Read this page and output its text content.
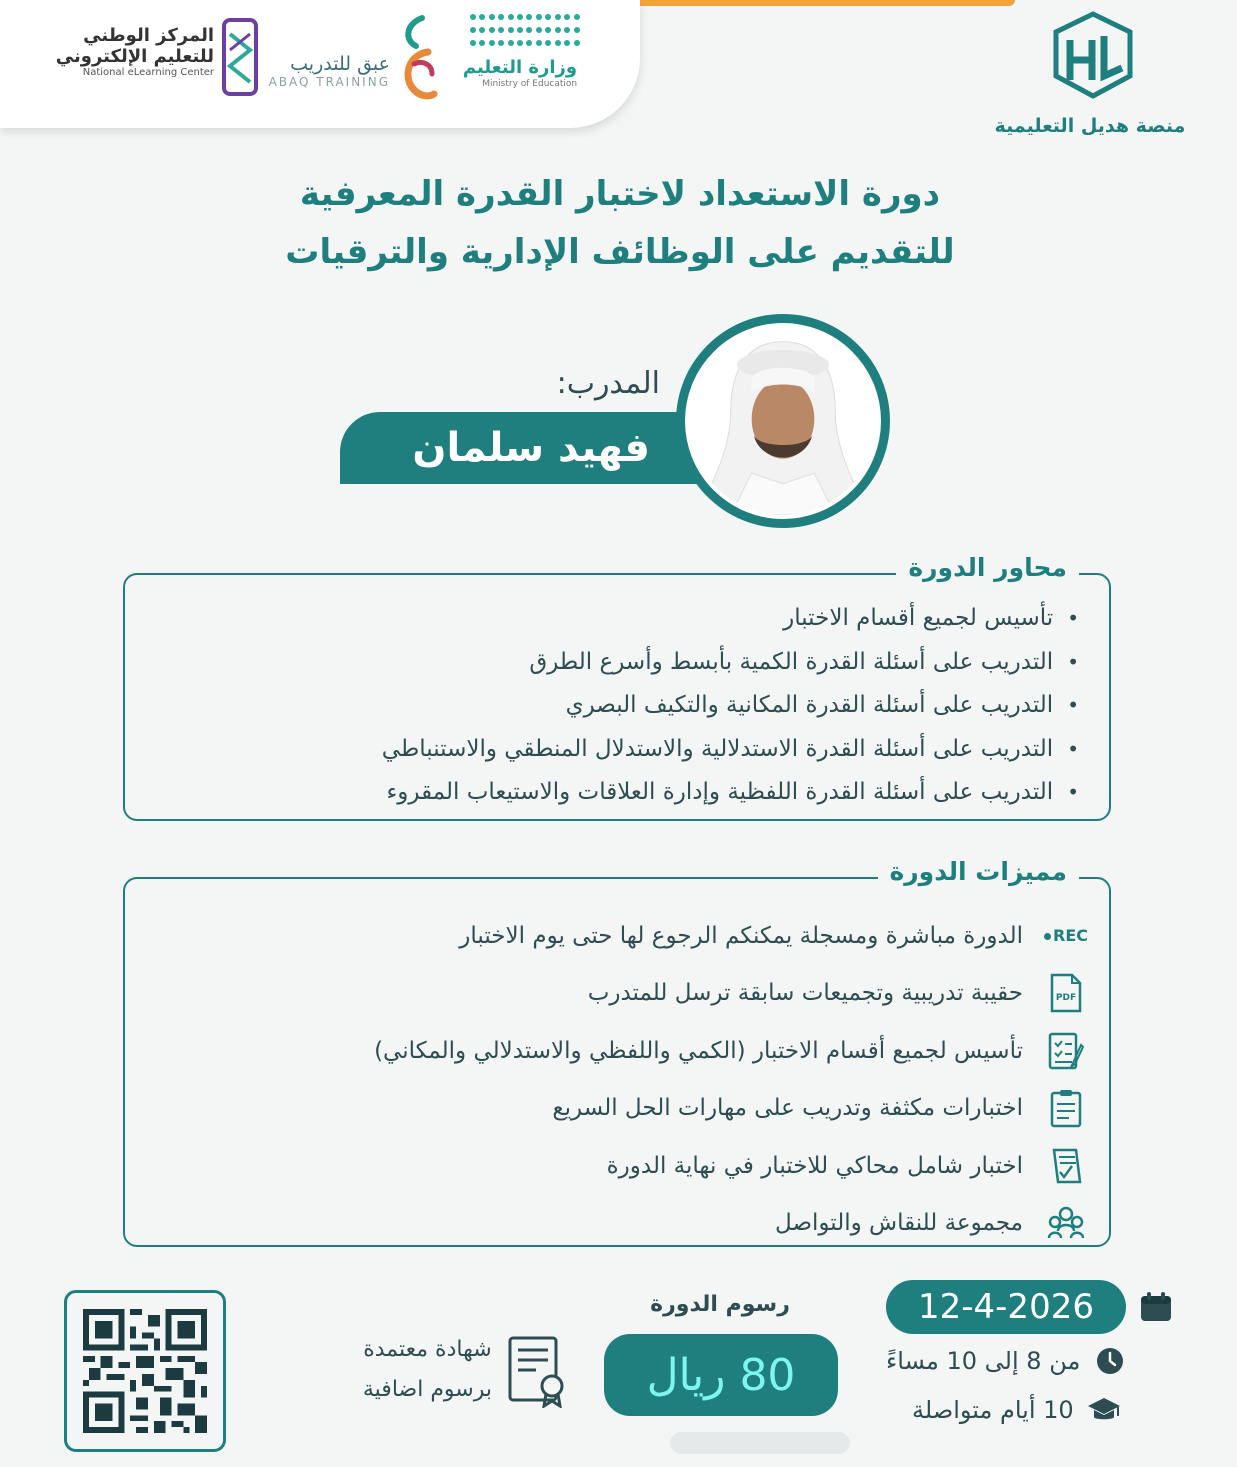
وزارة التعليم
Ministry of Education
عبق للتدريب
ABAQ TRAINING
المركز الوطني
للتعليم الإلكتروني
National eLearning Center
منصة هديل التعليمية
دورة الاستعداد لاختبار القدرة المعرفية
للتقديم على الوظائف الإدارية والترقيات
المدرب:
فهيد سلمان
محاور الدورة
• تأسيس لجميع أقسام الاختبار
• التدريب على أسئلة القدرة الكمية بأبسط وأسرع الطرق
• التدريب على أسئلة القدرة المكانية والتكيف البصري
• التدريب على أسئلة القدرة الاستدلالية والاستدلال المنطقي والاستنباطي
• التدريب على أسئلة القدرة اللفظية وإدارة العلاقات والاستيعاب المقروء
مميزات الدورة
REC
الدورة مباشرة ومسجلة يمكنكم الرجوع لها حتى يوم الاختبار
PDF
حقيبة تدريبية وتجميعات سابقة ترسل للمتدرب
تأسيس لجميع أقسام الاختبار (الكمي واللفظي والاستدلالي والمكاني)
اختبارات مكثفة وتدريب على مهارات الحل السريع
اختبار شامل محاكي للاختبار في نهاية الدورة
مجموعة للنقاش والتواصل
شهادة معتمدة
برسوم اضافية
رسوم الدورة
80 ريال
12-4-2026
من 8 إلى 10 مساءً
10 أيام متواصلة
